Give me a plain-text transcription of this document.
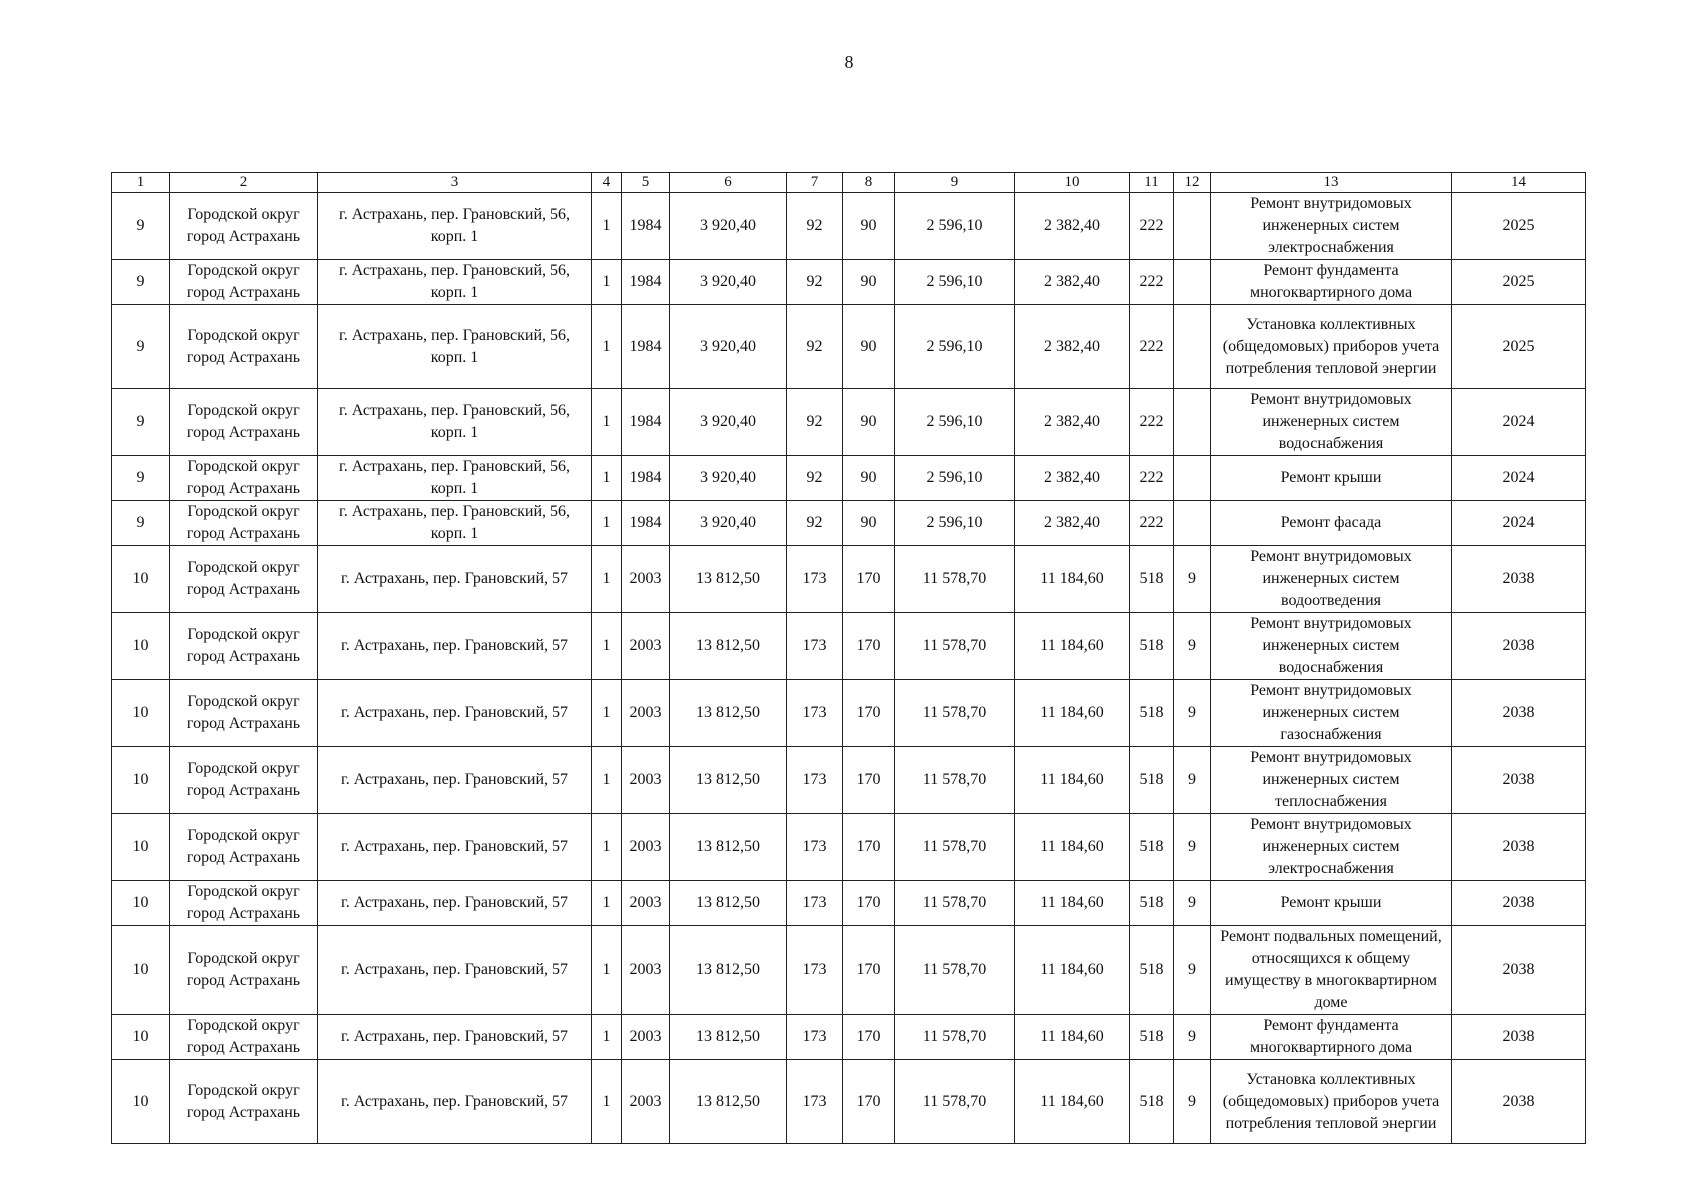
8
1	2	3	4	5	6	7	8	9	10	11	12	13	14
9	Городской округ город Астрахань	г. Астрахань, пер. Грановский, 56, корп. 1	1	1984	3 920,40	92	90	2 596,10	2 382,40	222		Ремонт внутридомовых инженерных систем электроснабжения	2025
9	Городской округ город Астрахань	г. Астрахань, пер. Грановский, 56, корп. 1	1	1984	3 920,40	92	90	2 596,10	2 382,40	222		Ремонт фундамента многоквартирного дома	2025
9	Городской округ город Астрахань	г. Астрахань, пер. Грановский, 56, корп. 1	1	1984	3 920,40	92	90	2 596,10	2 382,40	222		Установка коллективных (общедомовых) приборов учета потребления тепловой энергии	2025
9	Городской округ город Астрахань	г. Астрахань, пер. Грановский, 56, корп. 1	1	1984	3 920,40	92	90	2 596,10	2 382,40	222		Ремонт внутридомовых инженерных систем водоснабжения	2024
9	Городской округ город Астрахань	г. Астрахань, пер. Грановский, 56, корп. 1	1	1984	3 920,40	92	90	2 596,10	2 382,40	222		Ремонт крыши	2024
9	Городской округ город Астрахань	г. Астрахань, пер. Грановский, 56, корп. 1	1	1984	3 920,40	92	90	2 596,10	2 382,40	222		Ремонт фасада	2024
10	Городской округ город Астрахань	г. Астрахань, пер. Грановский, 57	1	2003	13 812,50	173	170	11 578,70	11 184,60	518	9	Ремонт внутридомовых инженерных систем водоотведения	2038
10	Городской округ город Астрахань	г. Астрахань, пер. Грановский, 57	1	2003	13 812,50	173	170	11 578,70	11 184,60	518	9	Ремонт внутридомовых инженерных систем водоснабжения	2038
10	Городской округ город Астрахань	г. Астрахань, пер. Грановский, 57	1	2003	13 812,50	173	170	11 578,70	11 184,60	518	9	Ремонт внутридомовых инженерных систем газоснабжения	2038
10	Городской округ город Астрахань	г. Астрахань, пер. Грановский, 57	1	2003	13 812,50	173	170	11 578,70	11 184,60	518	9	Ремонт внутридомовых инженерных систем теплоснабжения	2038
10	Городской округ город Астрахань	г. Астрахань, пер. Грановский, 57	1	2003	13 812,50	173	170	11 578,70	11 184,60	518	9	Ремонт внутридомовых инженерных систем электроснабжения	2038
10	Городской округ город Астрахань	г. Астрахань, пер. Грановский, 57	1	2003	13 812,50	173	170	11 578,70	11 184,60	518	9	Ремонт крыши	2038
10	Городской округ город Астрахань	г. Астрахань, пер. Грановский, 57	1	2003	13 812,50	173	170	11 578,70	11 184,60	518	9	Ремонт подвальных помещений, относящихся к общему имуществу в многоквартирном доме	2038
10	Городской округ город Астрахань	г. Астрахань, пер. Грановский, 57	1	2003	13 812,50	173	170	11 578,70	11 184,60	518	9	Ремонт фундамента многоквартирного дома	2038
10	Городской округ город Астрахань	г. Астрахань, пер. Грановский, 57	1	2003	13 812,50	173	170	11 578,70	11 184,60	518	9	Установка коллективных (общедомовых) приборов учета потребления тепловой энергии	2038
